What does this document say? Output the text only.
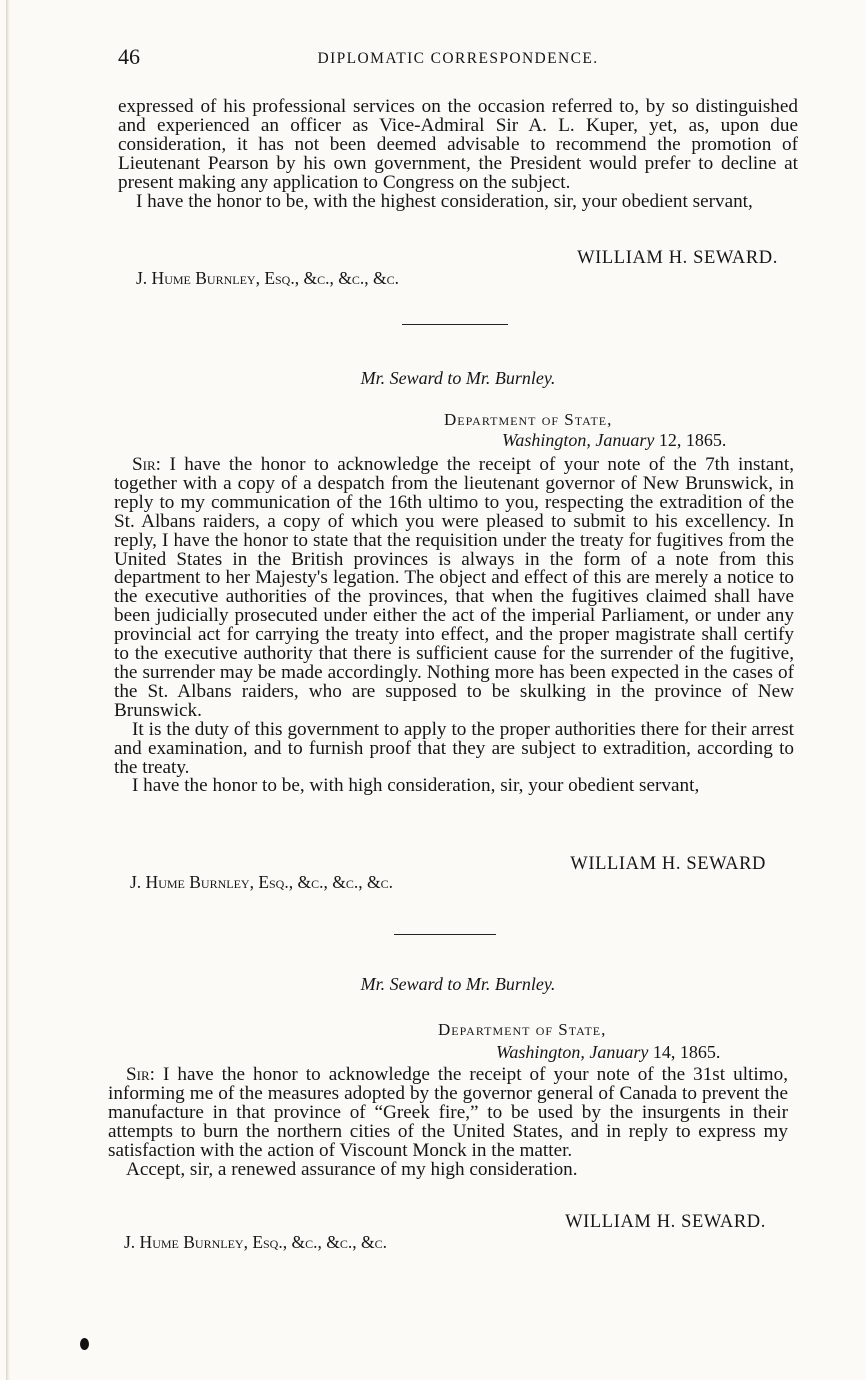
46	DIPLOMATIC CORRESPONDENCE.

expressed of his professional services on the occasion referred to, by so distinguished and experienced an officer as Vice-Admiral Sir A. L. Kuper, yet, as, upon due consideration, it has not been deemed advisable to recommend the promotion of Lieutenant Pearson by his own government, the President would prefer to decline at present making any application to Congress on the subject.

I have the honor to be, with the highest consideration, sir, your obedient servant,

WILLIAM H. SEWARD.
J. Hume Burnley, Esq., &c., &c., &c.
Mr. Seward to Mr. Burnley.
Department of State,
Washington, January 12, 1865.

Sir: I have the honor to acknowledge the receipt of your note of the 7th instant, together with a copy of a despatch from the lieutenant governor of New Brunswick, in reply to my communication of the 16th ultimo to you, respecting the extradition of the St. Albans raiders, a copy of which you were pleased to submit to his excellency. In reply, I have the honor to state that the requisition under the treaty for fugitives from the United States in the British provinces is always in the form of a note from this department to her Majesty's legation. The object and effect of this are merely a notice to the executive authorities of the provinces, that when the fugitives claimed shall have been judicially prosecuted under either the act of the imperial Parliament, or under any provincial act for carrying the treaty into effect, and the proper magistrate shall certify to the executive authority that there is sufficient cause for the surrender of the fugitive, the surrender may be made accordingly. Nothing more has been expected in the cases of the St. Albans raiders, who are supposed to be skulking in the province of New Brunswick.

It is the duty of this government to apply to the proper authorities there for their arrest and examination, and to furnish proof that they are subject to extradition, according to the treaty.

I have the honor to be, with high consideration, sir, your obedient servant,

WILLIAM H. SEWARD
J. Hume Burnley, Esq., &c., &c., &c.
Mr. Seward to Mr. Burnley.
Department of State,
Washington, January 14, 1865.

Sir: I have the honor to acknowledge the receipt of your note of the 31st ultimo, informing me of the measures adopted by the governor general of Canada to prevent the manufacture in that province of “Greek fire,” to be used by the insurgents in their attempts to burn the northern cities of the United States, and in reply to express my satisfaction with the action of Viscount Monck in the matter.

Accept, sir, a renewed assurance of my high consideration.

WILLIAM H. SEWARD.
J. Hume Burnley, Esq., &c., &c., &c.
